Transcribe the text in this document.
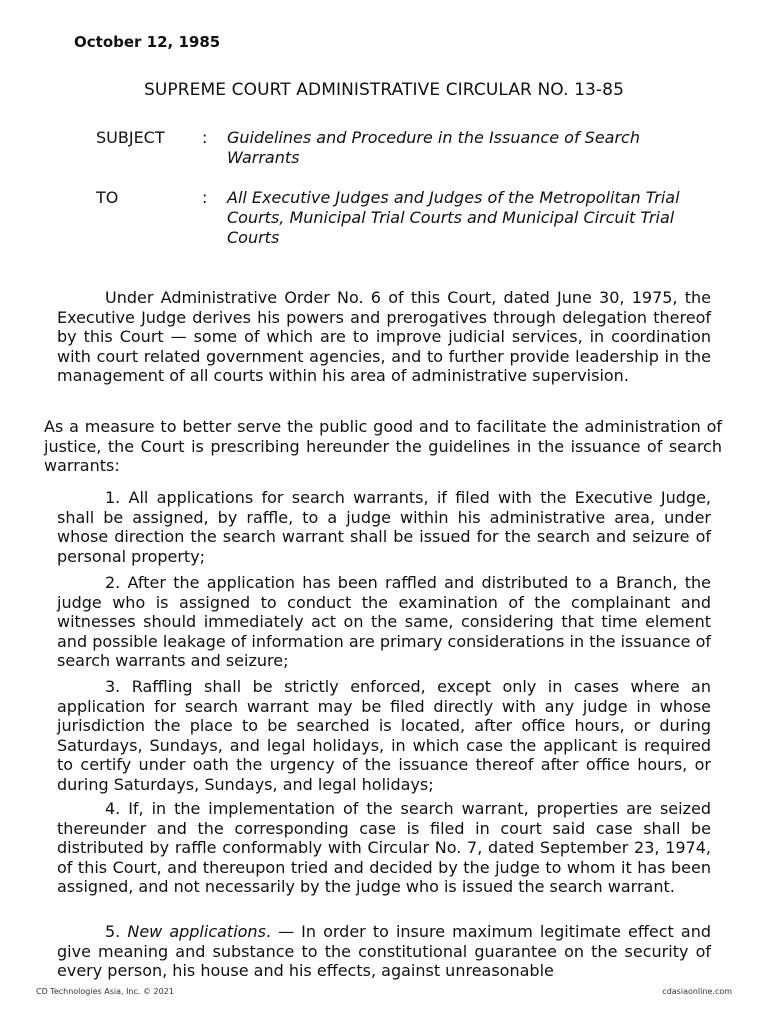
October 12, 1985
SUPREME COURT ADMINISTRATIVE CIRCULAR NO. 13-85
SUBJECT : Guidelines and Procedure in the Issuance of Search Warrants
TO	: All Executive Judges and Judges of the Metropolitan Trial Courts, Municipal Trial Courts and Municipal Circuit Trial Courts

Under Administrative Order No. 6 of this Court, dated June 30, 1975, the Executive Judge derives his powers and prerogatives through delegation thereof by this Court — some of which are to improve judicial services, in coordination with court related government agencies, and to further provide leadership in the management of all courts within his area of administrative supervision.

As a measure to better serve the public good and to facilitate the administration of justice, the Court is prescribing hereunder the guidelines in the issuance of search warrants:

1. All applications for search warrants, if filed with the Executive Judge, shall be assigned, by raffle, to a judge within his administrative area, under whose direction the search warrant shall be issued for the search and seizure of personal property;

2. After the application has been raffled and distributed to a Branch, the judge who is assigned to conduct the examination of the complainant and witnesses should immediately act on the same, considering that time element and possible leakage of information are primary considerations in the issuance of search warrants and seizure;

3. Raffling shall be strictly enforced, except only in cases where an application for search warrant may be filed directly with any judge in whose jurisdiction the place to be searched is located, after office hours, or during Saturdays, Sundays, and legal holidays, in which case the applicant is required to certify under oath the urgency of the issuance thereof after office hours, or during Saturdays, Sundays, and legal holidays;

4. If, in the implementation of the search warrant, properties are seized thereunder and the corresponding case is filed in court said case shall be distributed by raffle conformably with Circular No. 7, dated September 23, 1974, of this Court, and thereupon tried and decided by the judge to whom it has been assigned, and not necessarily by the judge who is issued the search warrant.

5. New applications. — In order to insure maximum legitimate effect and give meaning and substance to the constitutional guarantee on the security of every person, his house and his effects, against unreasonable

CD Technologies Asia, Inc. © 2021	cdasiaonline.com
